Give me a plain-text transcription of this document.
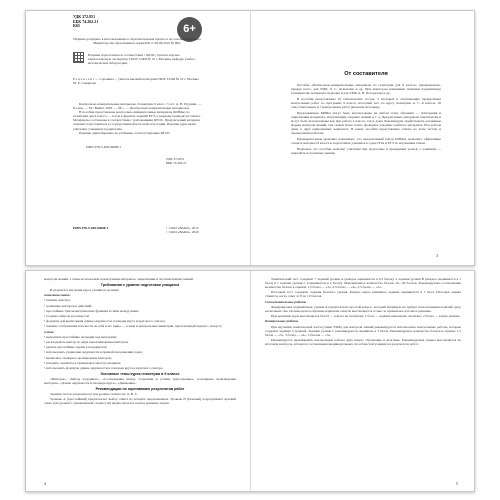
УДК 372.851
ББК 74.262.21
К65	6+
Издание допущено к использованию в образовательном процессе на основании приказа Министерства образования и науки РФ от 09.06.2016 № 699.
Издание подготовлено в соответствии с ФГОС; прошло научно-педагогическую экспертизу. ГБОУ СОШ № 10 г. Москвы, кафедра учебно-методической лаборатории.
Р е ц е н з е н т — Сорокина ... учитель высшей категории ГБОУ СОШ № 10 г. Москвы М. Е. Смирнова

Контрольно-измерительные материалы. Геометрия. 9 класс / Сост. А. Н. Рурукин. — 8-е изд. — М.: ВАКО, 2020. — 96 с. — (Контрольно-измерительные материалы).

В пособии представлены контрольно-измерительные материалы (КИМы) по геометрии для 9 класса — тесты в формате заданий ЕГЭ, к каждому приводятся ответы. Материалы составлены в соответствии с требованиями ФГОС. Предлагаемый материал поможет подготовиться к государственной итоговой аттестации. Издание адресовано учителям, учащимся и родителям.

Издание ориентировано на учебники, соответствующие ФГОС.

ISBN 978-5-408-04608-1
УДК 372.851
ББК 74.262.21
ISBN 978-5-408-04608-1	© ООО «ВАКО», 2015
© ООО «ВАКО», 2020
От составителя

Пособие «Контрольно-измерительные материалы по геометрии для 9 класса» предназначено, прежде всего, для УМК Л. С. Атанасяна и др. При некотором изменении тематики подавляющее большинство материала подходит и для УМК А. В. Погорелова и др.

В пособии представлены 16 тематических тестов, 3 итоговых и обобщающих проверочных контрольных работ по программе 9 класса, итоговый тест по курсу геометрии за 7—9 классы, 16 самостоятельных и 7 контрольных работ (включая итоговые).

Предложенные КИМы могут быть использованы на любом этапе обучения — повторения и закрепления материала, актуализации опорных знаний и т. д. Предлагаемые материалы тематически и могут быть использованы как при работе в классе, так и дома. Рекомендуем задействовать различные формы контроля знаний, тем самым более полно проверять усвоение учебного материала. Все работы даны в двух равноценных вариантах. В конце пособия представлены ответы ко всем тестам и проверочным работам.

Предварительная практика показывает, что предлагаемый набор КИМов позволяет эффективно освоить материал 9 класса и подготовить учащихся к сдаче ГИА и ЕГЭ по изучаемым темам.

Надеемся, что пособие позволит учителям при подготовке и проведении уроков, а ученикам — закрепить полученные знания.

3

контроля знаний, а также использован при изучении материала, закреплении и систематизации знаний.

Требования к уровню подготовки учащихся

В результате изучения курса учащиеся должны:

понимать/знать:

• понятие вектора;

• сравнение векторов и действий;

• простейшие тригонометрические функции и связи между ними;

• теорема синусов и косинусов;

• формулы для вычисления длины окружности, площади круга и кругового сектора;

• понятие отображения плоскости на себя и его виды — осевая и центральная симметрия, параллельный перенос, поворот;

уметь:

• выполнять простейшие операции над векторами;

• раскладывать вектор по двум неколлинеарным векторам;

• решать простейшие задачи в координатах;

• использовать уравнения окружности и прямой при решении задач;

• вычислять скалярное произведение векторов;

• находить элементы в правильных многоугольниках;

• использовать формулы длины окружности и площади круга и кругового сектора.

Основные темы курса геометрии в 9 классе

«Векторы», «Метод координат», «Соотношения между сторонами и углами треугольника», «Скалярное произведение векторов», «Длина окружности и площадь круга», «Движения».

Рекомендации по оцениванию результатов работ

Задания тестов разделены на три уровня сложности: А, В, С.

Уровень А (простейший) предполагает выбор ответа из четырёх предложенных. Уровень В (базовый) подразумевает краткий ответ. Для уровня С (повышенной сложности) предполагается полное решение задачи.

4

Тематический тест содержит 7 заданий уровня А (каждое оценивается в 0,5 балла), 2 задания уровня В (каждое оценивается в 1 балл) и 1 задание уровня С (оценивается в 2 балла). Максимальное количество баллов 10—20 баллов. Рекомендуемое соотношение количества баллов и оценки: 1,5 балла — «3», 2,5 балла — «4», 3,5 балла — «5».

Итоговый тест содержит задания базового уровня. Каждое верно решённое задание оценивается в 1 балл. Итоговая оценка ставится, когда ответ от 8 до 10 баллов.

Самостоятельные работы

Формулировка заданий вида: уровня А) предполагает простой вопрос, который напрямую не требует использования понятий сразу нескольких тем. Полные целесообразные варианты ответов выставляются только за правильное и полное решение.

При решении задач выставляется балл 0 — работа не засчитана; 1 балл — задание выполнено частично; 2 балла — задача решена.

Контрольные работы

При изучении тематической части (главы УМК) для контроля знаний рекомендуется использовать контрольные работы, которые содержат задания 3 уровней. Задания уровня С рекомендуются оценивать в 3 балла. Рекомендуемое количество баллов и оценки: 1,5 балла — «3», 3 балла — «4», 5 баллов — «5».

Рекомендуется практиковать контрольные работы двух видов: обучающие и итоговые. Рекомендуемая оценка выставляется на итоговом контроле, исходя из соотношения индивидуальных способностей учащихся и результатов работ.

5
